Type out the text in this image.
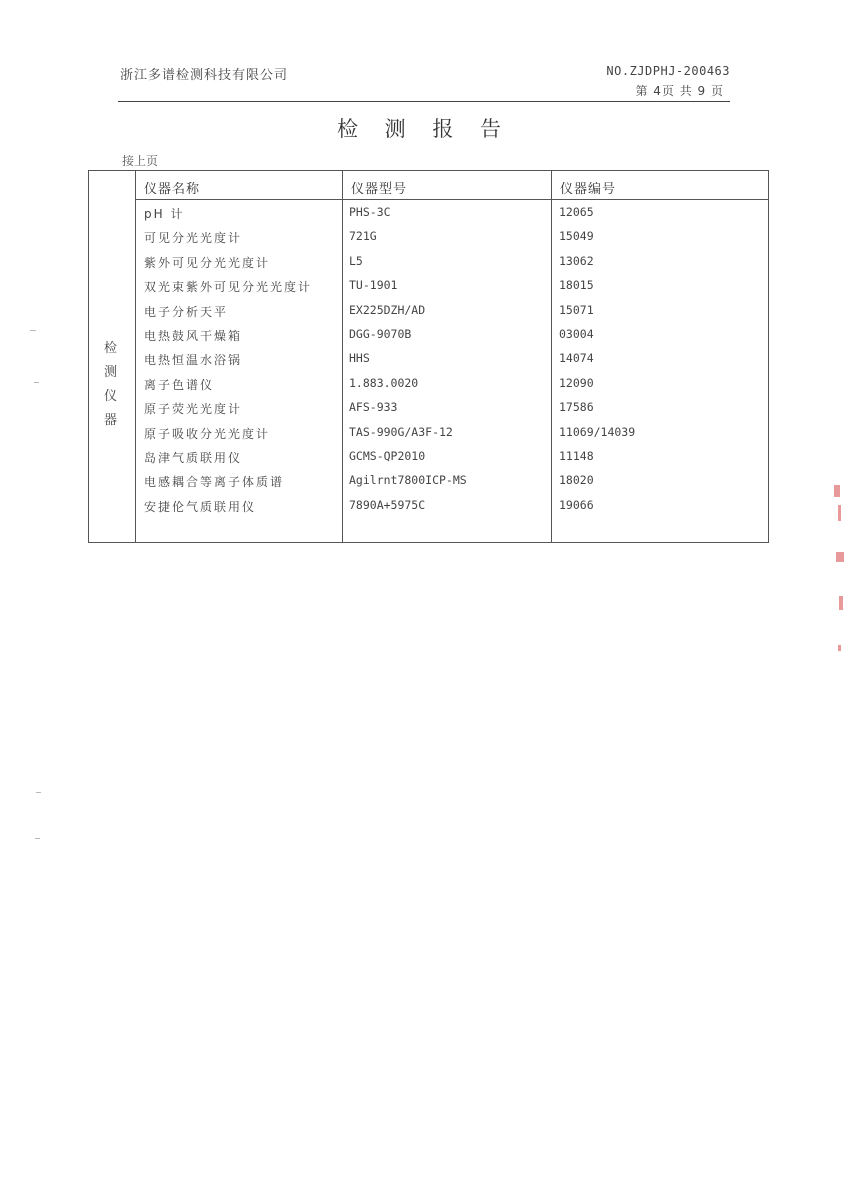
浙江多谱检测科技有限公司	NO.ZJDPHJ-200463
第 4页 共 9 页
检 测 报 告
接上页
检 测
仪 器
仪器名称	仪器型号	仪器编号
pH 计	PHS-3C	12065
可见分光光度计	721G	15049
紫外可见分光光度计	L5	13062
双光束紫外可见分光光度计	TU-1901	18015
电子分析天平	EX225DZH/AD	15071
电热鼓风干燥箱	DGG-9070B	03004
电热恒温水浴锅	HHS	14074
离子色谱仪	1.883.0020	12090
原子荧光光度计	AFS-933	17586
原子吸收分光光度计	TAS-990G/A3F-12	11069/14039
岛津气质联用仪	GCMS-QP2010	11148
电感耦合等离子体质谱	Agilrnt7800ICP-MS	18020
安捷伦气质联用仪	7890A+5975C	19066
